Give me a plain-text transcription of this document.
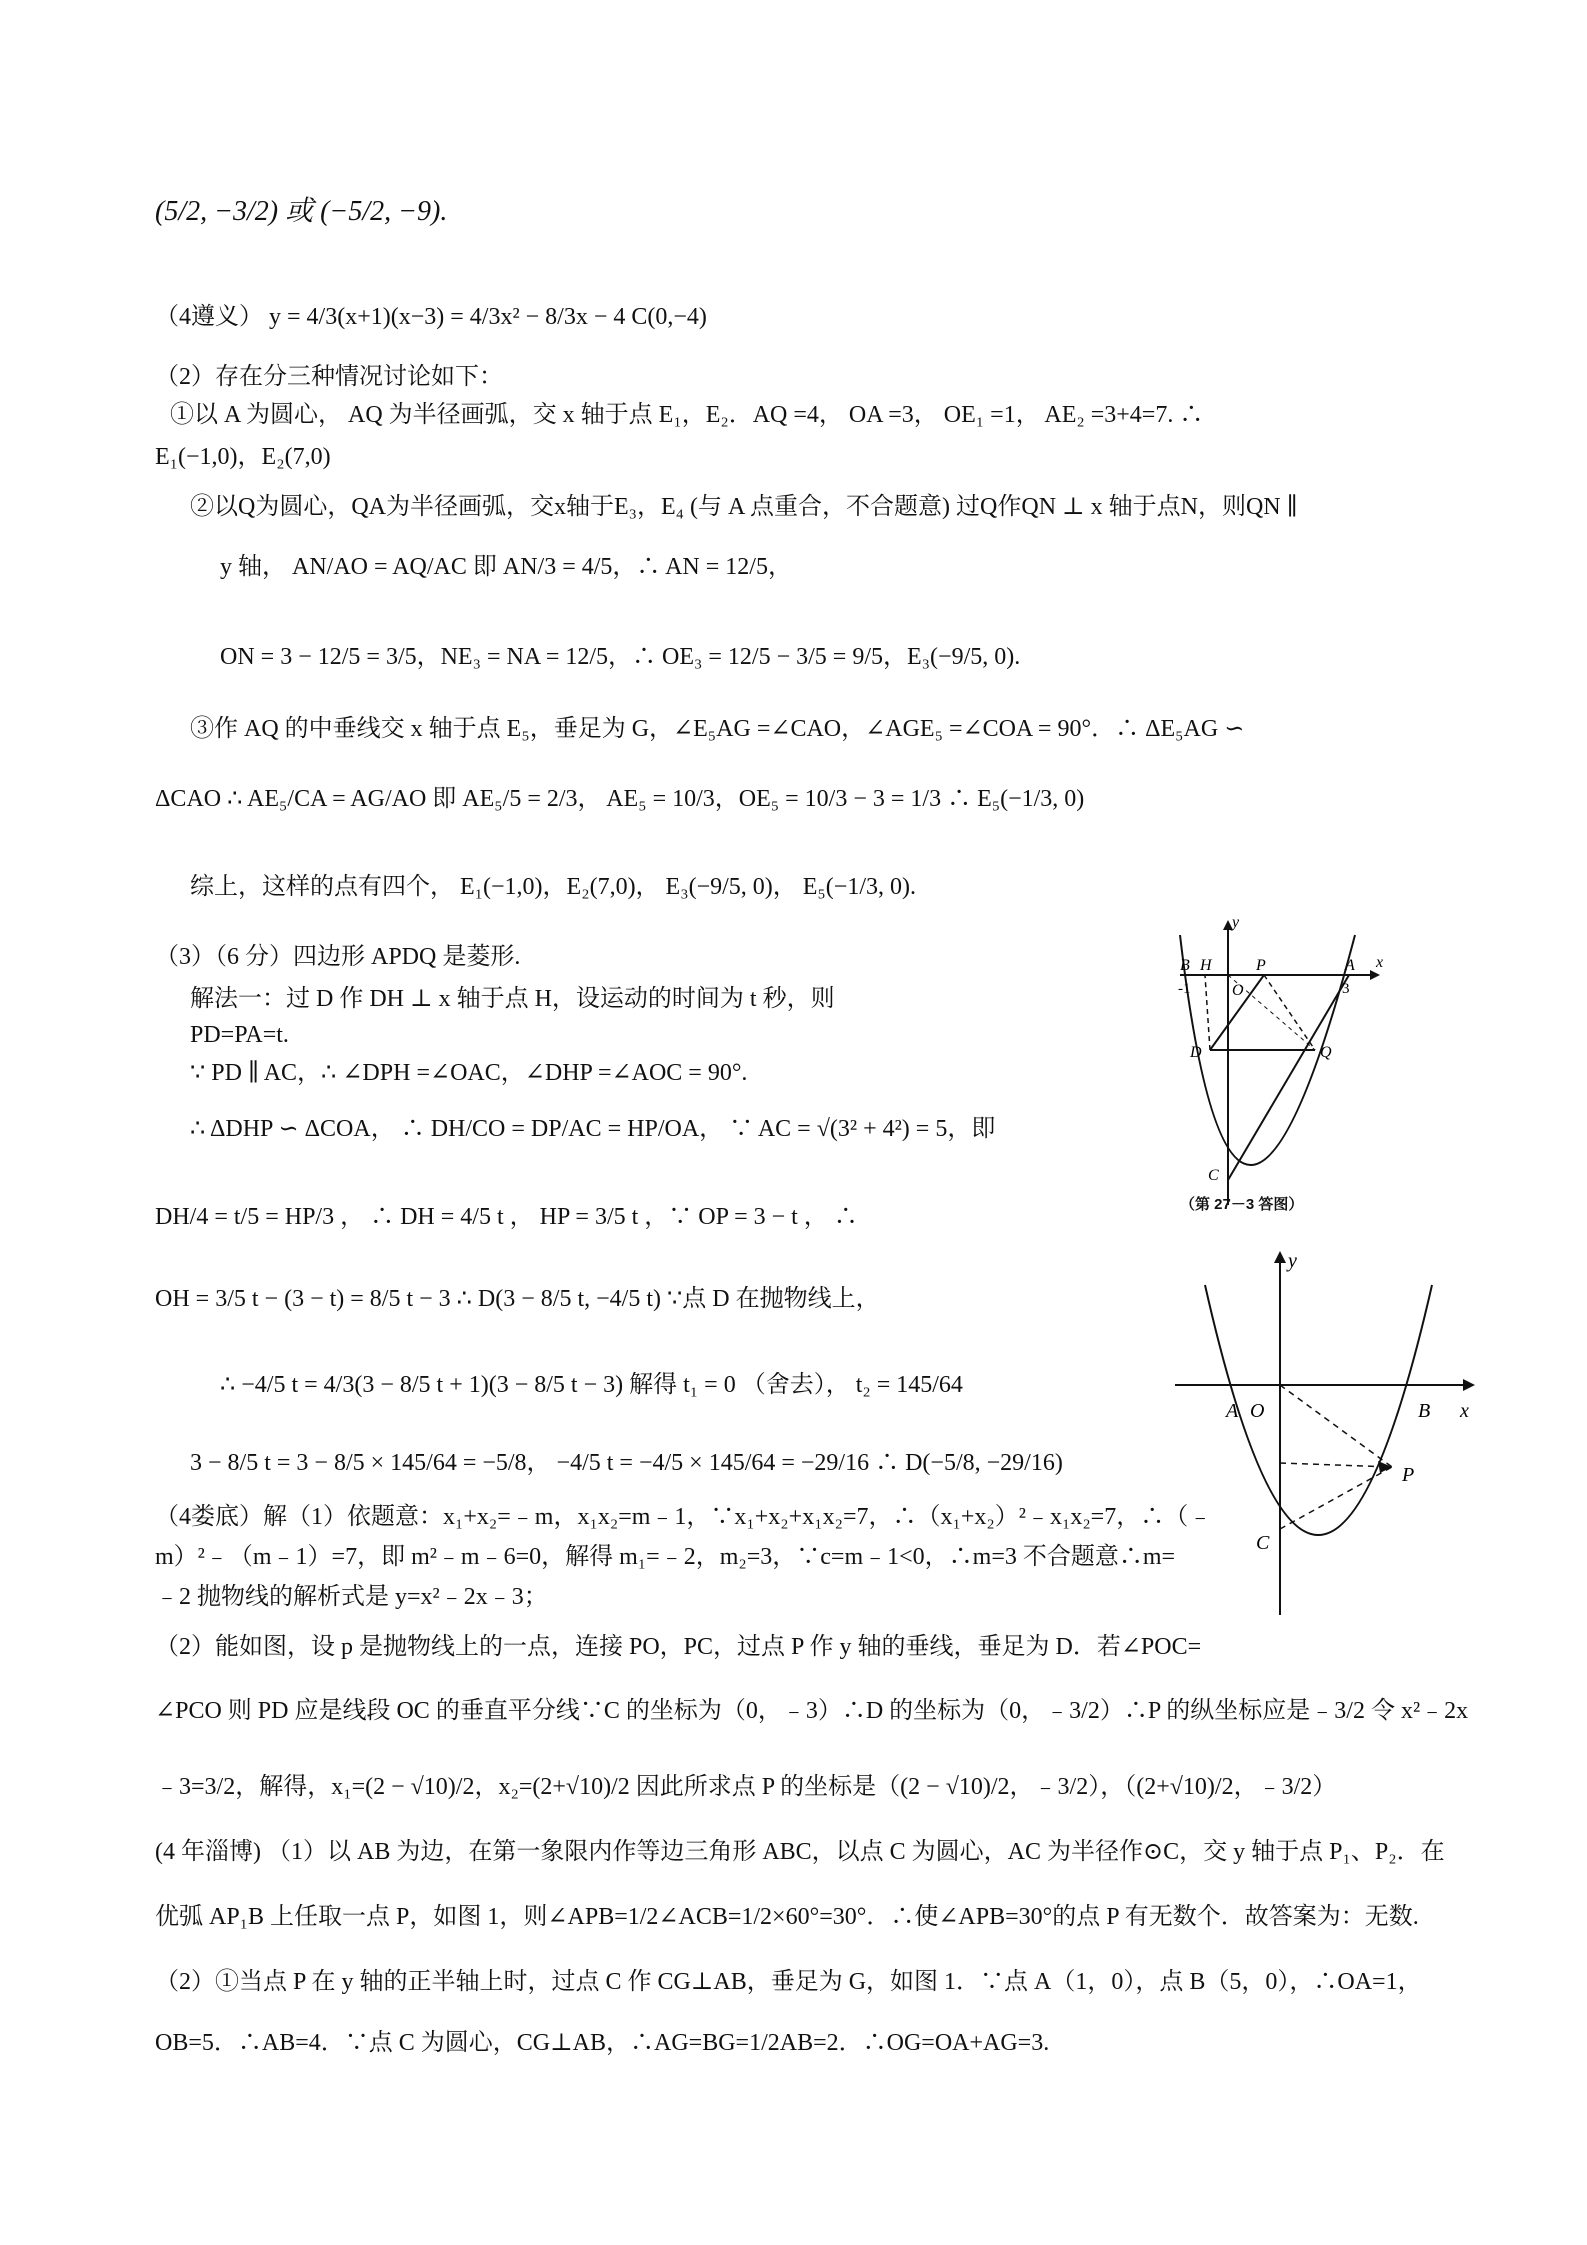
(5/2, −3/2) 或 (−5/2, −9).
（4遵义） y = 4/3(x+1)(x−3) = 4/3x² − 8/3x − 4 C(0,−4)
（2）存在分三种情况讨论如下：
①以 A 为圆心， AQ 为半径画弧，交 x 轴于点 E₁，E₂．AQ =4， OA =3， OE₁ =1， AE₂ =3+4=7. ∴
E₁(−1,0)，E₂(7,0)
②以Q为圆心，QA为半径画弧，交x轴于E₃，E₄ (与 A 点重合，不合题意) 过Q作QN ⊥ x 轴于点N，则QN ∥
y 轴， AN/AO = AQ/AC 即 AN/3 = 4/5，∴ AN = 12/5，
ON = 3 − 12/5 = 3/5，NE₃ = NA = 12/5，∴ OE₃ = 12/5 − 3/5 = 9/5，E₃(−9/5, 0).
③作 AQ 的中垂线交 x 轴于点 E₅，垂足为 G，∠E₅AG =∠CAO，∠AGE₅ =∠COA = 90°．∴ ΔE₅AG ∽
ΔCAO ∴ AE₅/CA = AG/AO 即 AE₅/5 = 2/3， AE₅ = 10/3，OE₅ = 10/3 − 3 = 1/3 ∴ E₅(−1/3, 0)
综上，这样的点有四个， E₁(−1,0)，E₂(7,0)， E₃(−9/5, 0)， E₅(−1/3, 0).
（3）（6 分）四边形 APDQ 是菱形.
解法一：过 D 作 DH ⊥ x 轴于点 H，设运动的时间为 t 秒，则
PD=PA=t.
∵ PD ∥ AC，∴ ∠DPH =∠OAC，∠DHP =∠AOC = 90°.
∴ ΔDHP ∽ ΔCOA， ∴ DH/CO = DP/AC = HP/OA， ∵ AC = √(3² + 4²) = 5，即
DH/4 = t/5 = HP/3 ， ∴ DH = 4/5 t ， HP = 3/5 t ，∵ OP = 3 − t ， ∴
OH = 3/5 t − (3 − t) = 8/5 t − 3 ∴ D(3 − 8/5 t, −4/5 t) ∵点 D 在抛物线上，
∴ −4/5 t = 4/3(3 − 8/5 t + 1)(3 − 8/5 t − 3) 解得 t₁ = 0 （舍去）， t₂ = 145/64
3 − 8/5 t = 3 − 8/5 × 145/64 = −5/8， −4/5 t = −4/5 × 145/64 = −29/16 ∴ D(−5/8, −29/16)
（4娄底）解（1）依题意：x₁+x₂=﹣m，x₁x₂=m﹣1，∵x₁+x₂+x₁x₂=7，∴（x₁+x₂）²﹣x₁x₂=7，∴（﹣
m）²﹣（m﹣1）=7，即 m²﹣m﹣6=0，解得 m₁=﹣2，m₂=3，∵c=m﹣1<0，∴m=3 不合题意∴m=
﹣2 抛物线的解析式是 y=x²﹣2x﹣3；
（2）能如图，设 p 是抛物线上的一点，连接 PO，PC，过点 P 作 y 轴的垂线，垂足为 D．若∠POC=
∠PCO 则 PD 应是线段 OC 的垂直平分线∵C 的坐标为（0，﹣3）∴D 的坐标为（0，﹣3/2）∴P 的纵坐标应是﹣3/2 令 x²﹣2x
﹣3=3/2，解得，x₁=(2 − √10)/2，x₂=(2+√10)/2 因此所求点 P 的坐标是（(2 − √10)/2，﹣3/2），（(2+√10)/2，﹣3/2）
(4 年淄博) （1）以 AB 为边，在第一象限内作等边三角形 ABC，以点 C 为圆心，AC 为半径作⊙C，交 y 轴于点 P₁、P₂．在
优弧 AP₁B 上任取一点 P，如图 1，则∠APB=1/2∠ACB=1/2×60°=30°．∴使∠APB=30°的点 P 有无数个．故答案为：无数.
（2）①当点 P 在 y 轴的正半轴上时，过点 C 作 CG⊥AB，垂足为 G，如图 1．∵点 A（1，0），点 B（5，0），∴OA=1，
OB=5．∴AB=4．∵点 C 为圆心，CG⊥AB，∴AG=BG=1/2AB=2．∴OG=OA+AG=3.
y
x
B H
O
P	A
-1	3
D	Q
C
（第 27－3 答图）
y
x
A O	B
P
C
